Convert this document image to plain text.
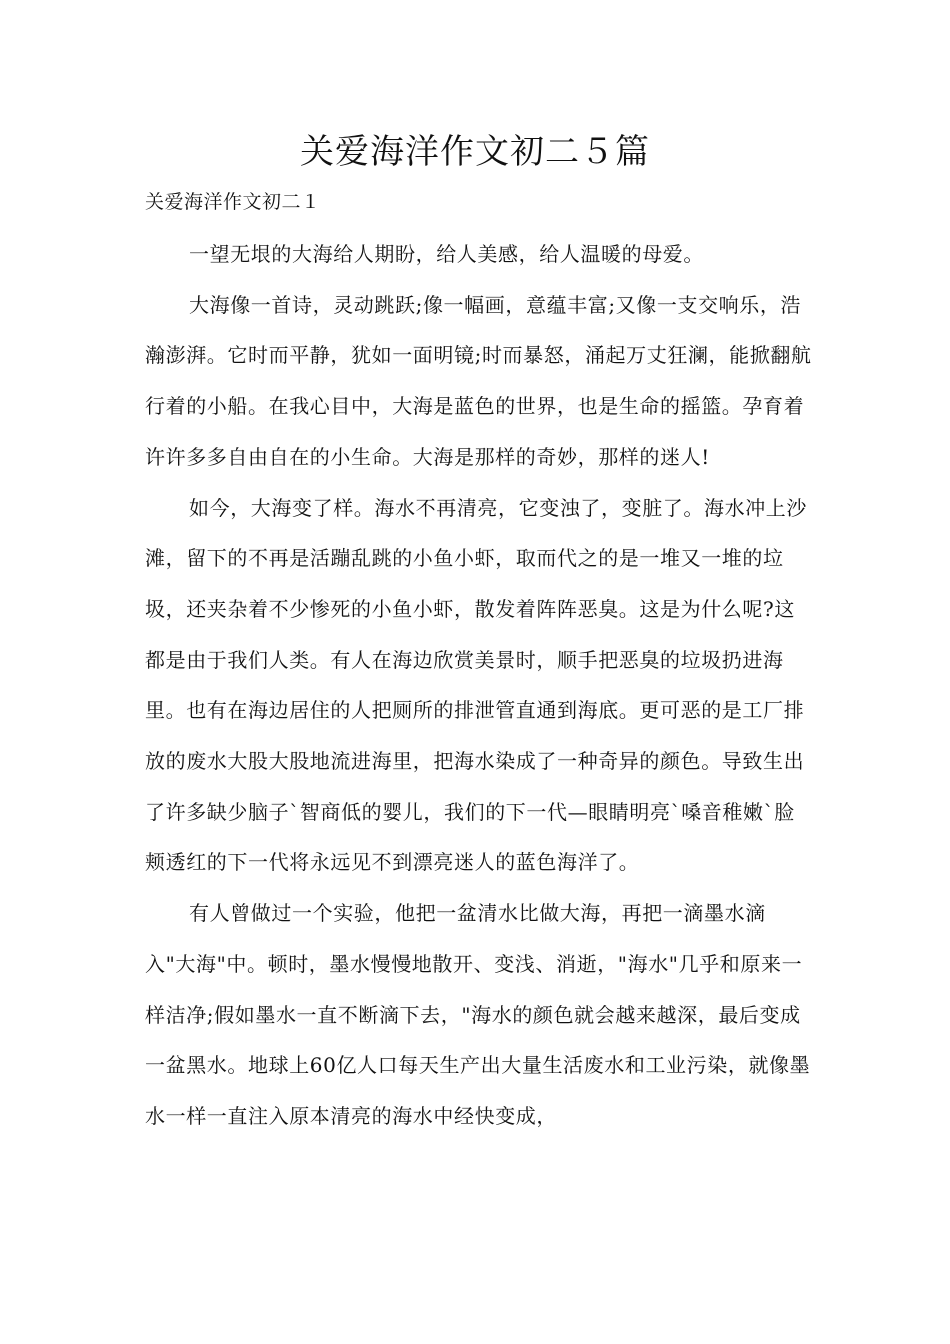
关爱海洋作文初二５篇
关爱海洋作文初二１

一望无垠的大海给人期盼，给人美感，给人温暖的母爱。

大海像一首诗，灵动跳跃;像一幅画，意蕴丰富;又像一支交响乐，浩瀚澎湃。它时而平静，犹如一面明镜;时而暴怒，涌起万丈狂澜，能掀翻航行着的小船。在我心目中，大海是蓝色的世界，也是生命的摇篮。孕育着许许多多自由自在的小生命。大海是那样的奇妙，那样的迷人!

如今，大海变了样。海水不再清亮，它变浊了，变脏了。海水冲上沙滩，留下的不再是活蹦乱跳的小鱼小虾，取而代之的是一堆又一堆的垃圾，还夹杂着不少惨死的小鱼小虾，散发着阵阵恶臭。这是为什么呢?这都是由于我们人类。有人在海边欣赏美景时，顺手把恶臭的垃圾扔进海里。也有在海边居住的人把厕所的排泄管直通到海底。更可恶的是工厂排放的废水大股大股地流进海里，把海水染成了一种奇异的颜色。导致生出了许多缺少脑子`智商低的婴儿，我们的下一代—眼睛明亮`嗓音稚嫩`脸颊透红的下一代将永远见不到漂亮迷人的蓝色海洋了。

有人曾做过一个实验，他把一盆清水比做大海，再把一滴墨水滴入"大海"中。顿时，墨水慢慢地散开、变浅、消逝，"海水"几乎和原来一样洁净;假如墨水一直不断滴下去，"海水的颜色就会越来越深，最后变成一盆黑水。地球上60亿人口每天生产出大量生活废水和工业污染，就像墨水一样一直注入原本清亮的海水中经快变成，
